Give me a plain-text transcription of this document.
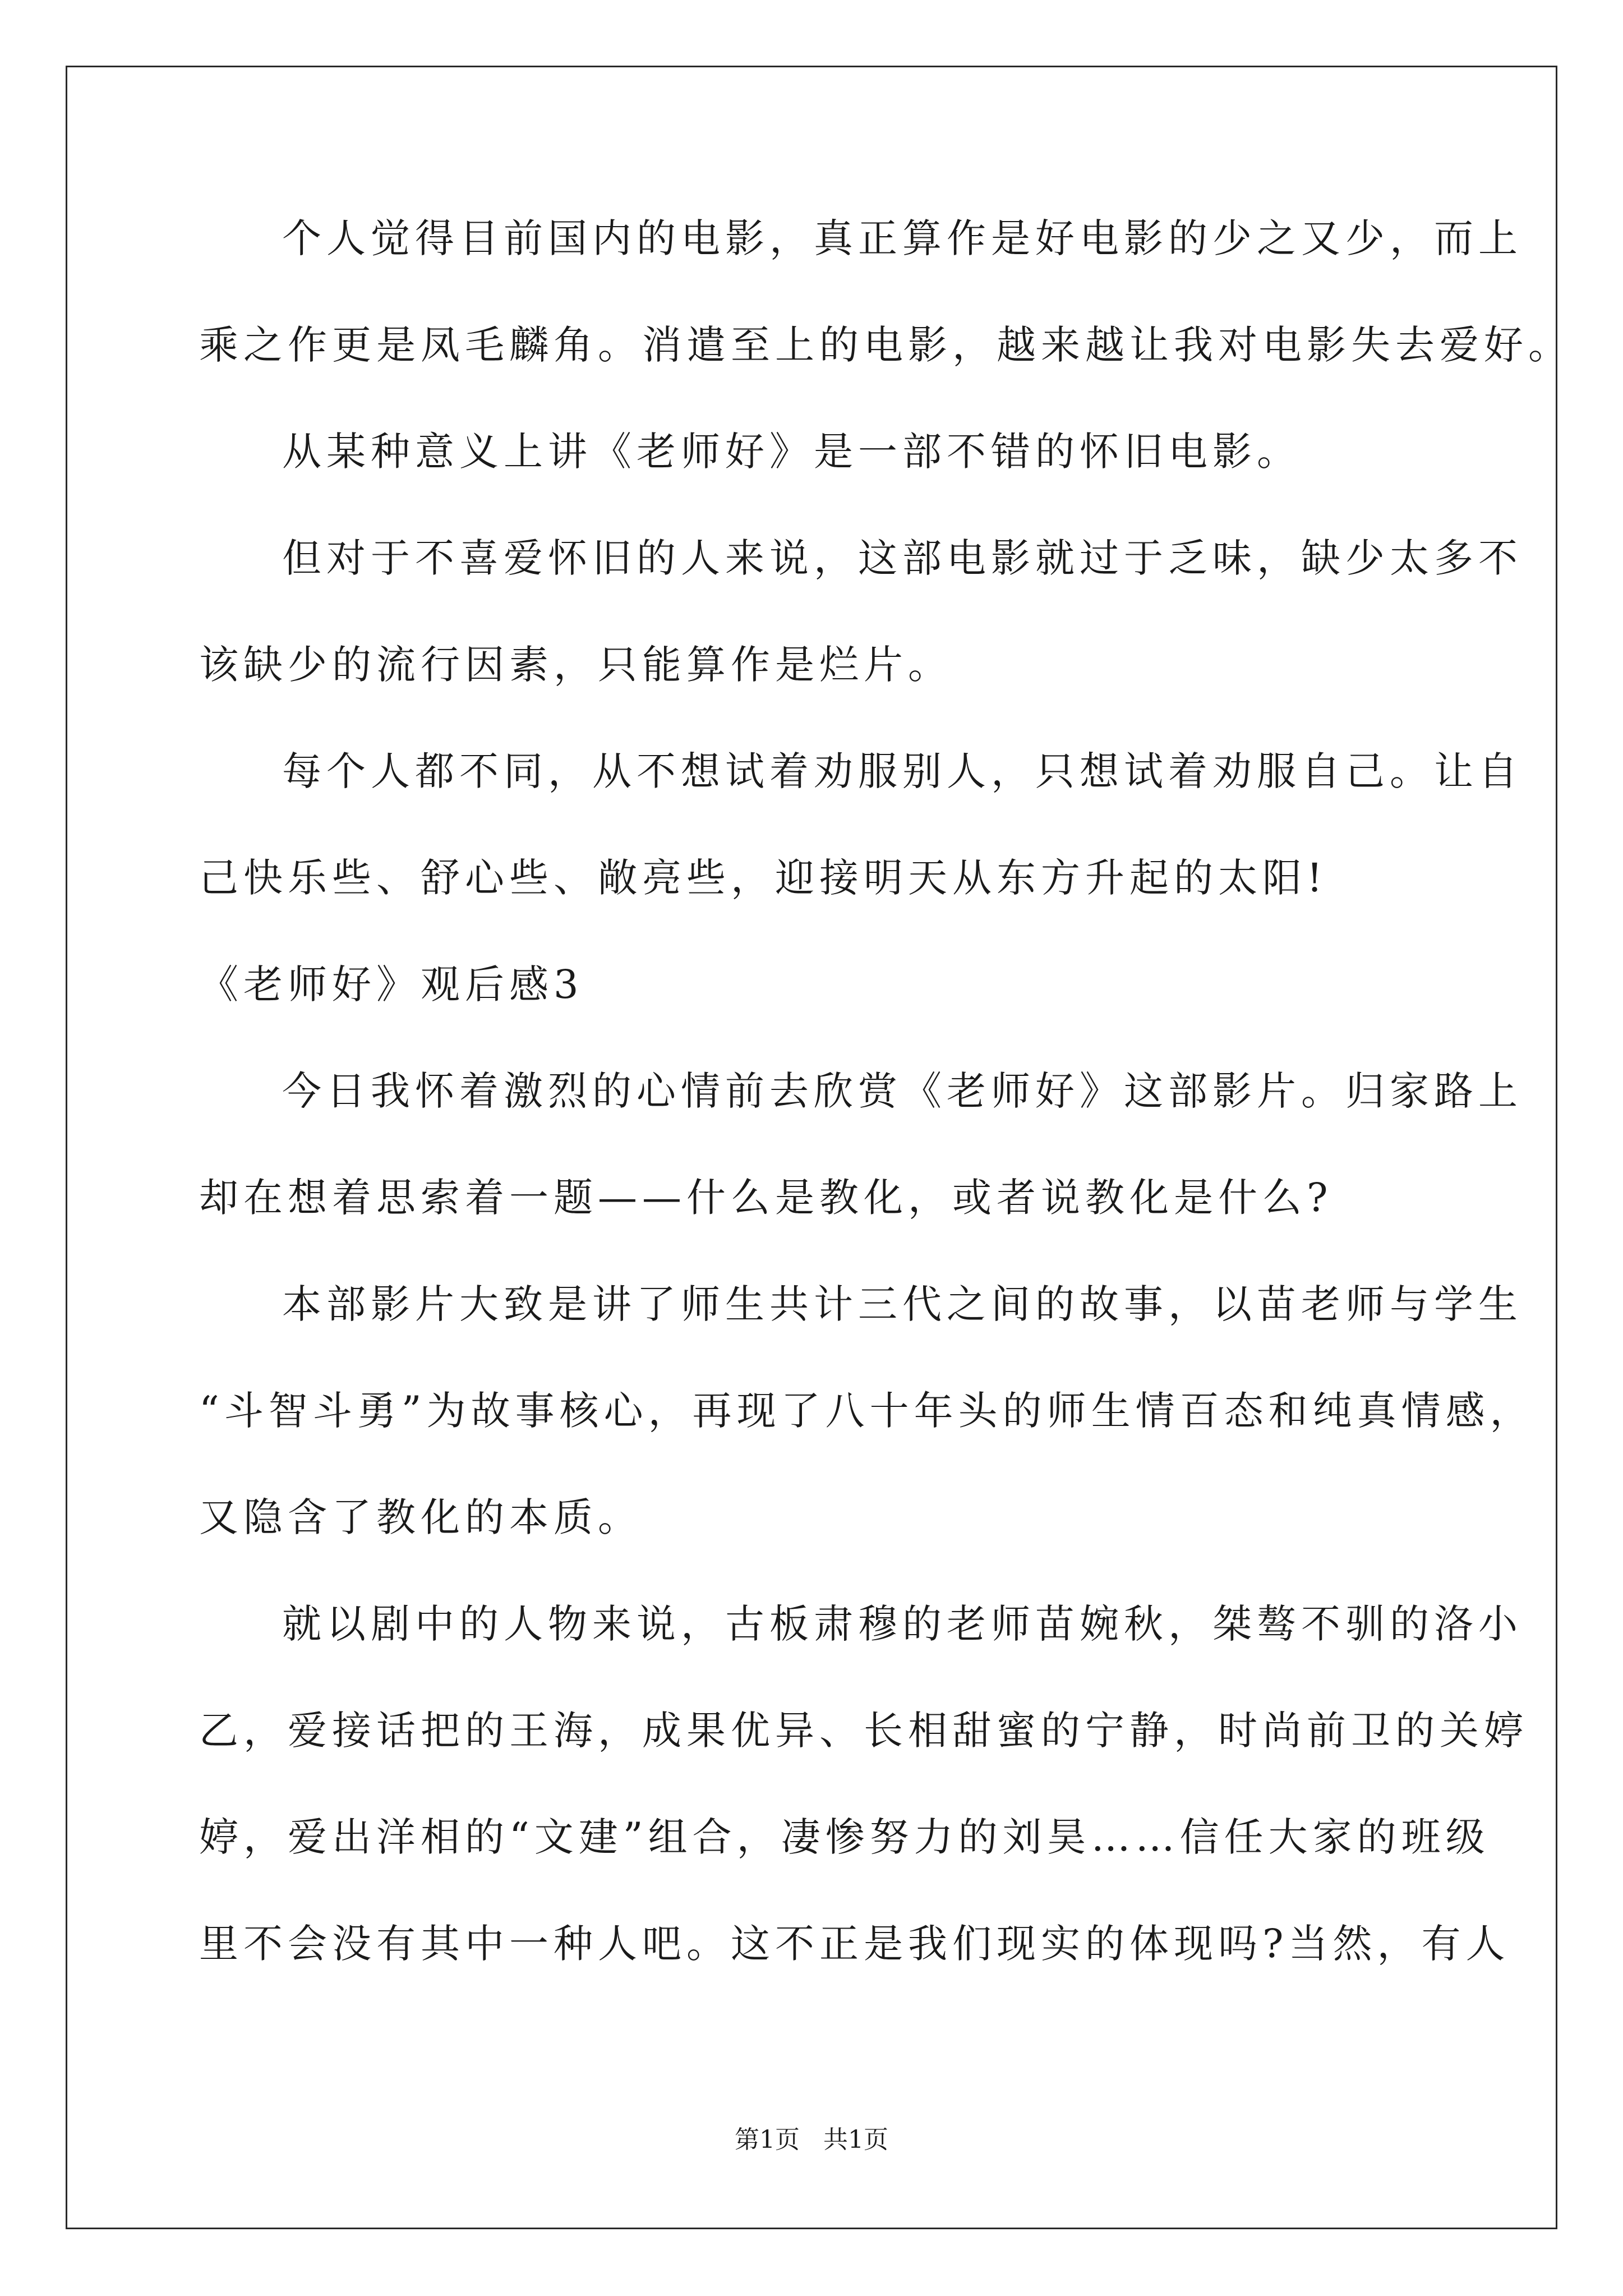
个人觉得目前国内的电影，真正算作是好电影的少之又少，而上
乘之作更是凤毛麟角。消遣至上的电影，越来越让我对电影失去爱好。
从某种意义上讲《老师好》是一部不错的怀旧电影。
但对于不喜爱怀旧的人来说，这部电影就过于乏味，缺少太多不
该缺少的流行因素，只能算作是烂片。
每个人都不同，从不想试着劝服别人，只想试着劝服自己。让自
己快乐些、舒心些、敞亮些，迎接明天从东方升起的太阳!
《老师好》观后感3
今日我怀着激烈的心情前去欣赏《老师好》这部影片。归家路上
却在想着思索着一题——什么是教化，或者说教化是什么?
本部影片大致是讲了师生共计三代之间的故事，以苗老师与学生
“斗智斗勇”为故事核心，再现了八十年头的师生情百态和纯真情感，
又隐含了教化的本质。
就以剧中的人物来说，古板肃穆的老师苗婉秋，桀骜不驯的洛小
乙，爱接话把的王海，成果优异、长相甜蜜的宁静，时尚前卫的关婷
婷，爱出洋相的“文建”组合，凄惨努力的刘昊……信任大家的班级
里不会没有其中一种人吧。这不正是我们现实的体现吗?当然，有人
第1页   共1页
